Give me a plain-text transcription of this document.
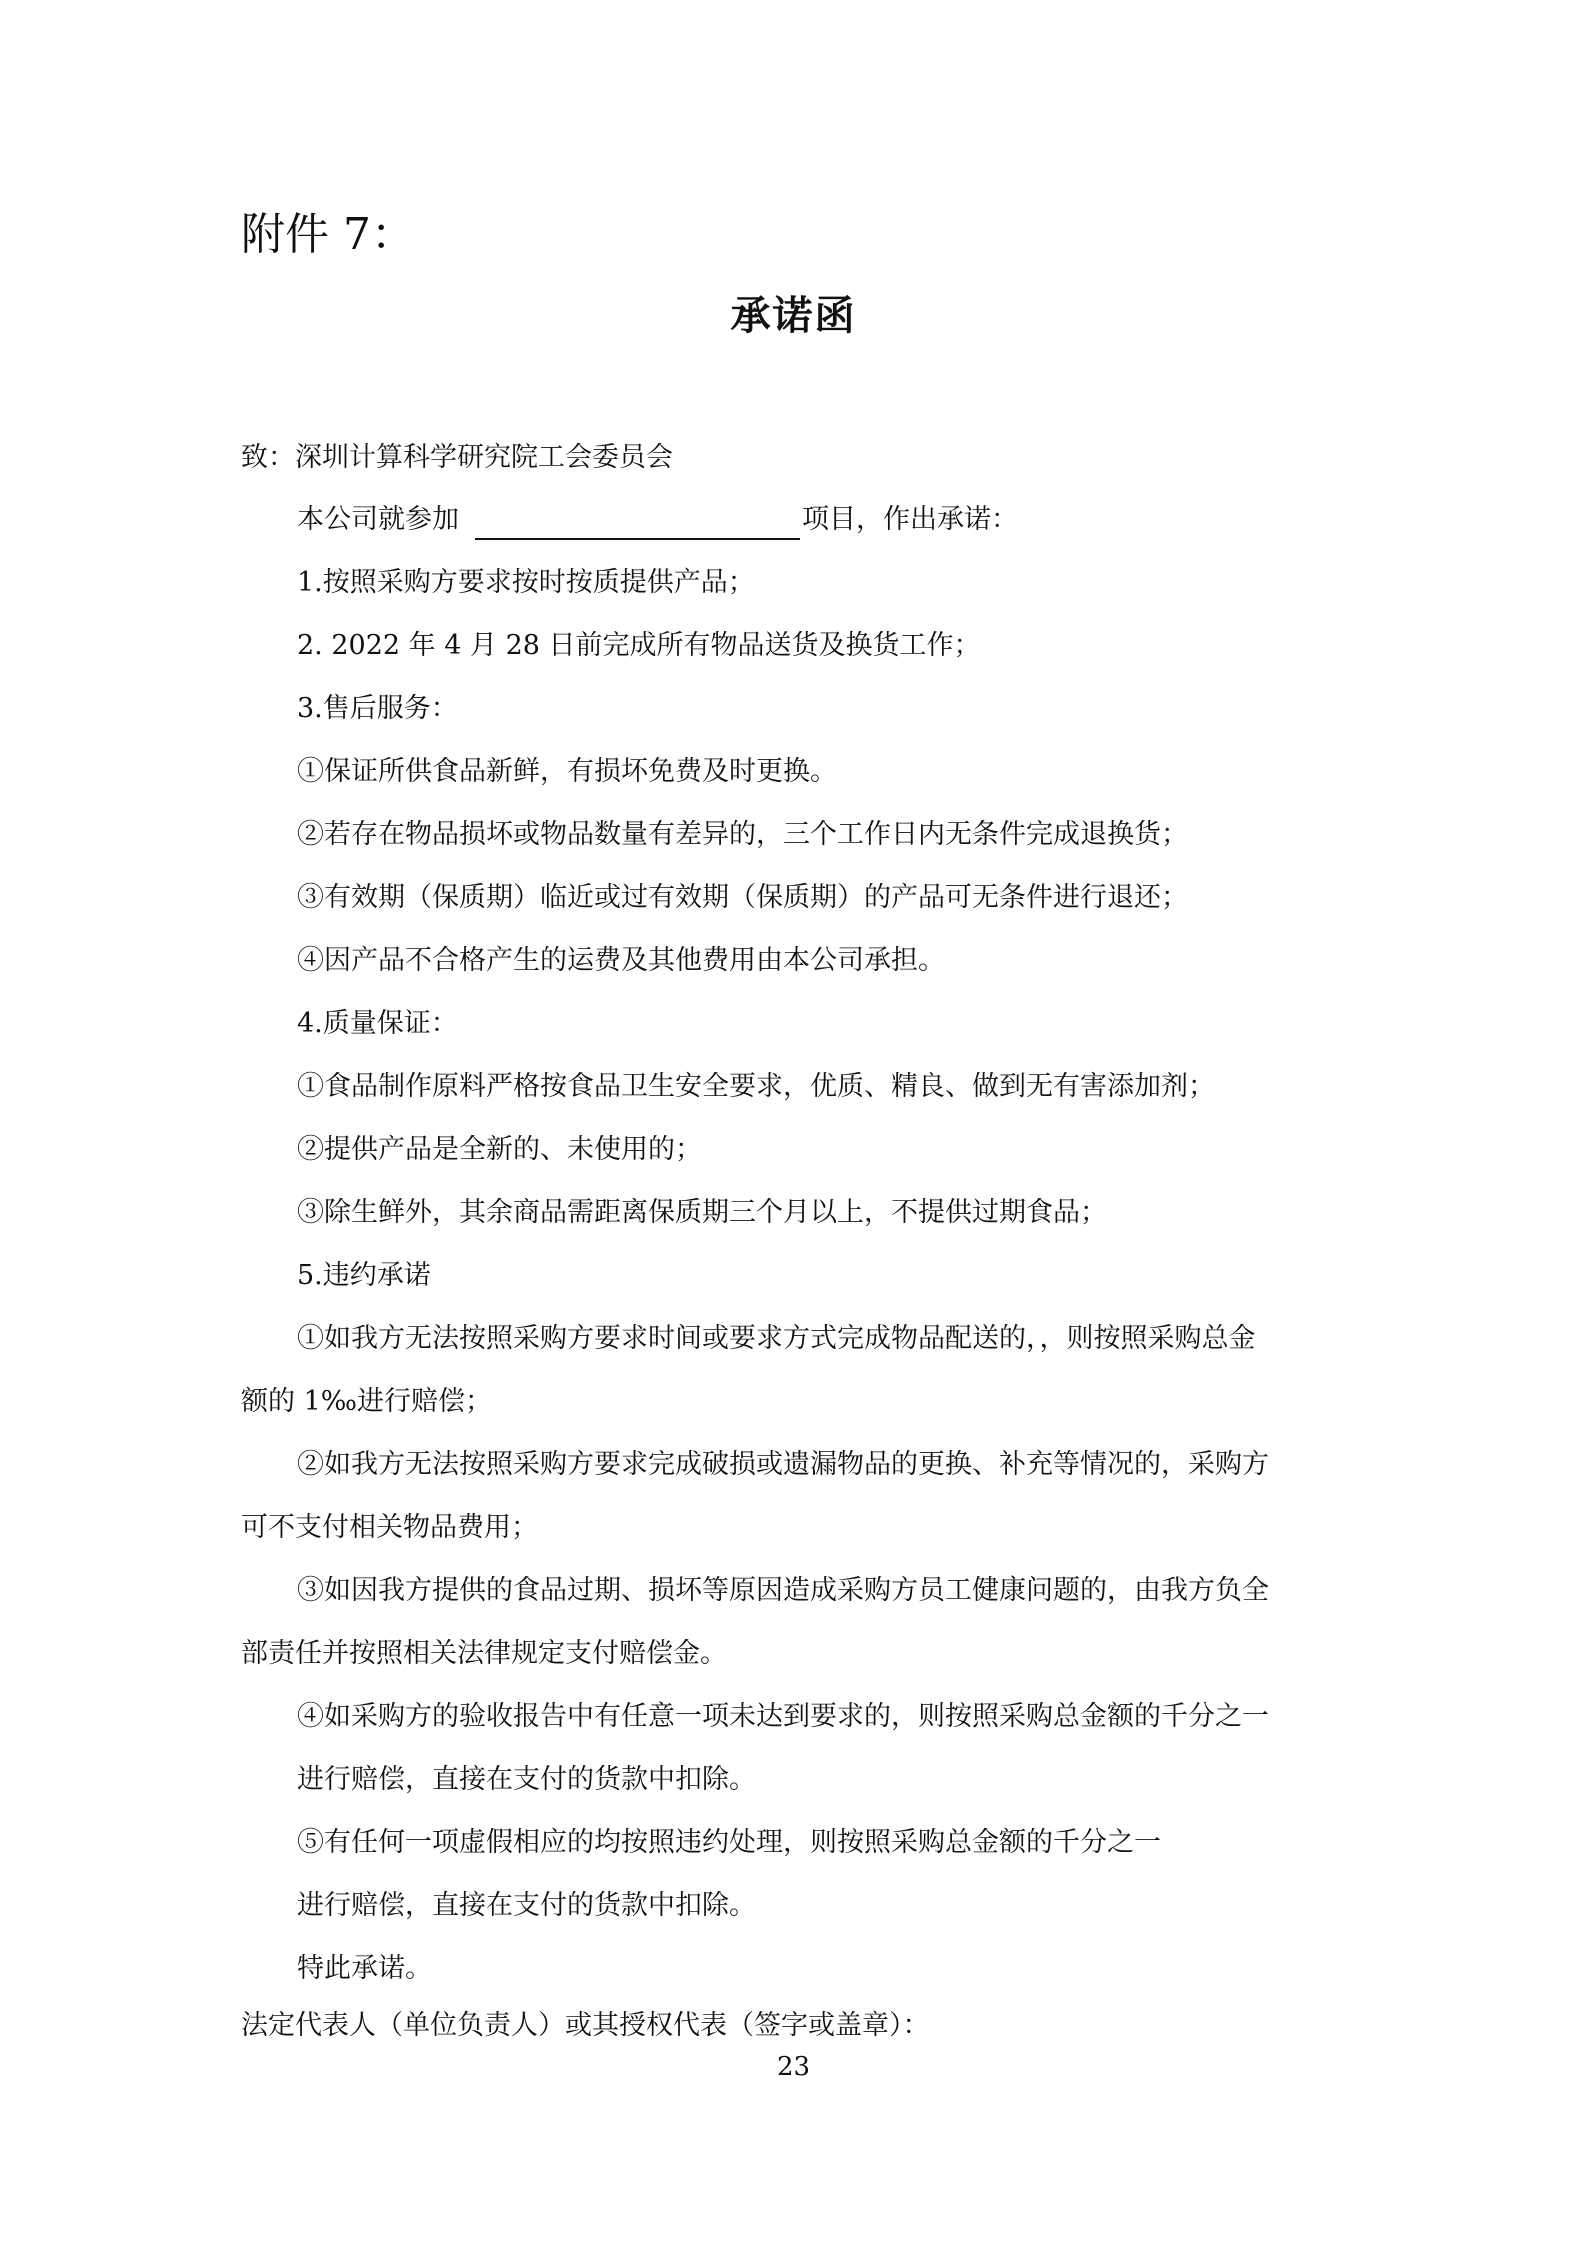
附件 7：
承诺函
致：深圳计算科学研究院工会委员会
本公司就参加	项目，作出承诺：
1.按照采购方要求按时按质提供产品；
2. 2022 年 4 月 28 日前完成所有物品送货及换货工作；
3.售后服务：
①保证所供食品新鲜，有损坏免费及时更换。
②若存在物品损坏或物品数量有差异的，三个工作日内无条件完成退换货；
③有效期（保质期）临近或过有效期（保质期）的产品可无条件进行退还；
④因产品不合格产生的运费及其他费用由本公司承担。
4.质量保证：
①食品制作原料严格按食品卫生安全要求，优质、精良、做到无有害添加剂；
②提供产品是全新的、未使用的；
③除生鲜外，其余商品需距离保质期三个月以上，不提供过期食品；
5.违约承诺
①如我方无法按照采购方要求时间或要求方式完成物品配送的，，则按照采购总金
额的 1‰进行赔偿；
②如我方无法按照采购方要求完成破损或遗漏物品的更换、补充等情况的，采购方
可不支付相关物品费用；
③如因我方提供的食品过期、损坏等原因造成采购方员工健康问题的，由我方负全
部责任并按照相关法律规定支付赔偿金。
④如采购方的验收报告中有任意一项未达到要求的，则按照采购总金额的千分之一
进行赔偿，直接在支付的货款中扣除。
⑤有任何一项虚假相应的均按照违约处理，则按照采购总金额的千分之一
进行赔偿，直接在支付的货款中扣除。
特此承诺。
法定代表人（单位负责人）或其授权代表（签字或盖章）：
23
